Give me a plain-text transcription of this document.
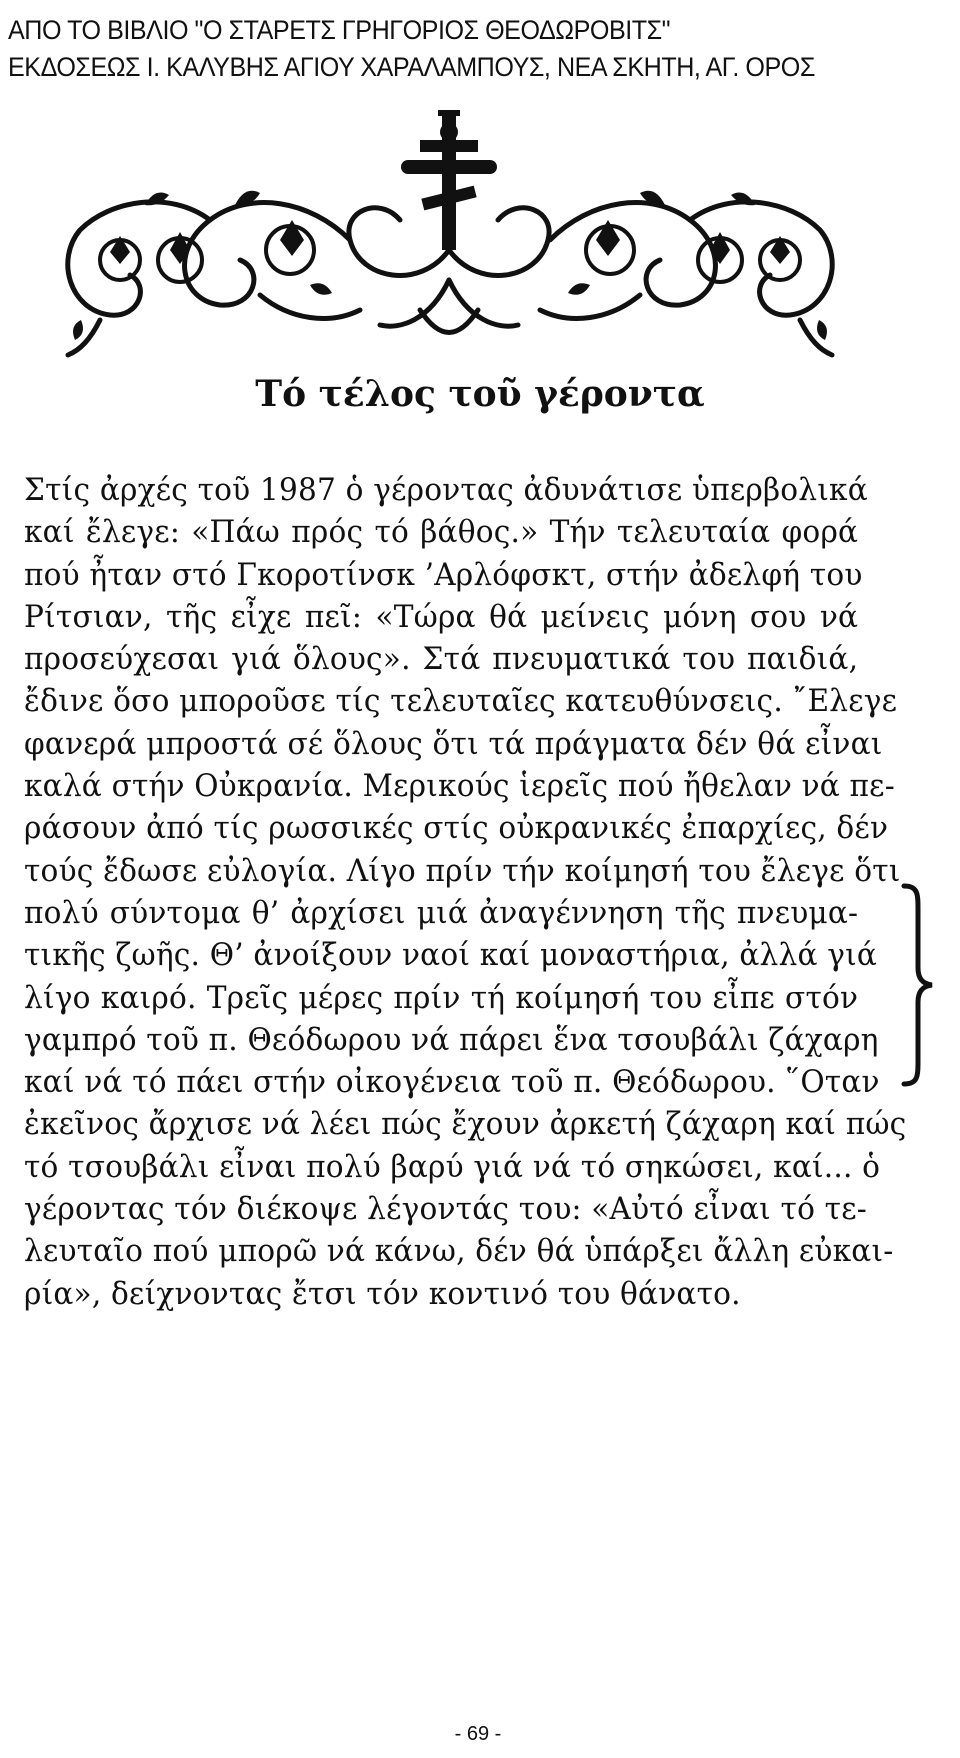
ΑΠΟ ΤΟ ΒΙΒΛΙΟ "Ο ΣΤΑΡΕΤΣ ΓΡΗΓΟΡΙΟΣ ΘΕΟΔΩΡΟΒΙΤΣ"
ΕΚΔΟΣΕΩΣ Ι. ΚΑΛΥΒΗΣ ΑΓΙΟΥ ΧΑΡΑΛΑΜΠΟΥΣ, ΝΕΑ ΣΚΗΤΗ, ΑΓ. ΟΡΟΣ
Τό τέλος τοῦ γέροντα
Στίς ἀρχές τοῦ 1987 ὁ γέροντας ἀδυνάτισε ὑπερβολικά
καί ἔλεγε: «Πάω πρός τό βάθος.» Τήν τελευταία φορά
πού ἦταν στό Γκοροτίνσκ ’Αρλόφσκτ, στήν ἀδελφή του
Ρίτσιαν, τῆς εἶχε πεῖ: «Τώρα θά μείνεις μόνη σου νά
προσεύχεσαι γιά ὅλους». Στά πνευματικά του παιδιά,
ἔδινε ὅσο μποροῦσε τίς τελευταῖες κατευθύνσεις. ῎Ελεγε
φανερά μπροστά σέ ὅλους ὅτι τά πράγματα δέν θά εἶναι
καλά στήν Οὐκρανία. Μερικούς ἱερεῖς πού ἤθελαν νά πε-
ράσουν ἀπό τίς ρωσσικές στίς οὐκρανικές ἐπαρχίες, δέν
τούς ἔδωσε εὐλογία. Λίγο πρίν τήν κοίμησή του ἔλεγε ὅτι
πολύ σύντομα θ’ ἀρχίσει μιά ἀναγέννηση τῆς πνευμα-
τικῆς ζωῆς. Θ’ ἀνοίξουν ναοί καί μοναστήρια, ἀλλά γιά
λίγο καιρό. Τρεῖς μέρες πρίν τή κοίμησή του εἶπε στόν
γαμπρό τοῦ π. Θεόδωρου νά πάρει ἕνα τσουβάλι ζάχαρη
καί νά τό πάει στήν οἰκογένεια τοῦ π. Θεόδωρου. ῞Οταν
ἐκεῖνος ἄρχισε νά λέει πώς ἔχουν ἀρκετή ζάχαρη καί πώς
τό τσουβάλι εἶναι πολύ βαρύ γιά νά τό σηκώσει, καί... ὁ
γέροντας τόν διέκοψε λέγοντάς του: «Αὐτό εἶναι τό τε-
λευταῖο πού μπορῶ νά κάνω, δέν θά ὑπάρξει ἄλλη εὐκαι-
ρία», δείχνοντας ἔτσι τόν κοντινό του θάνατο.
- 69 -
